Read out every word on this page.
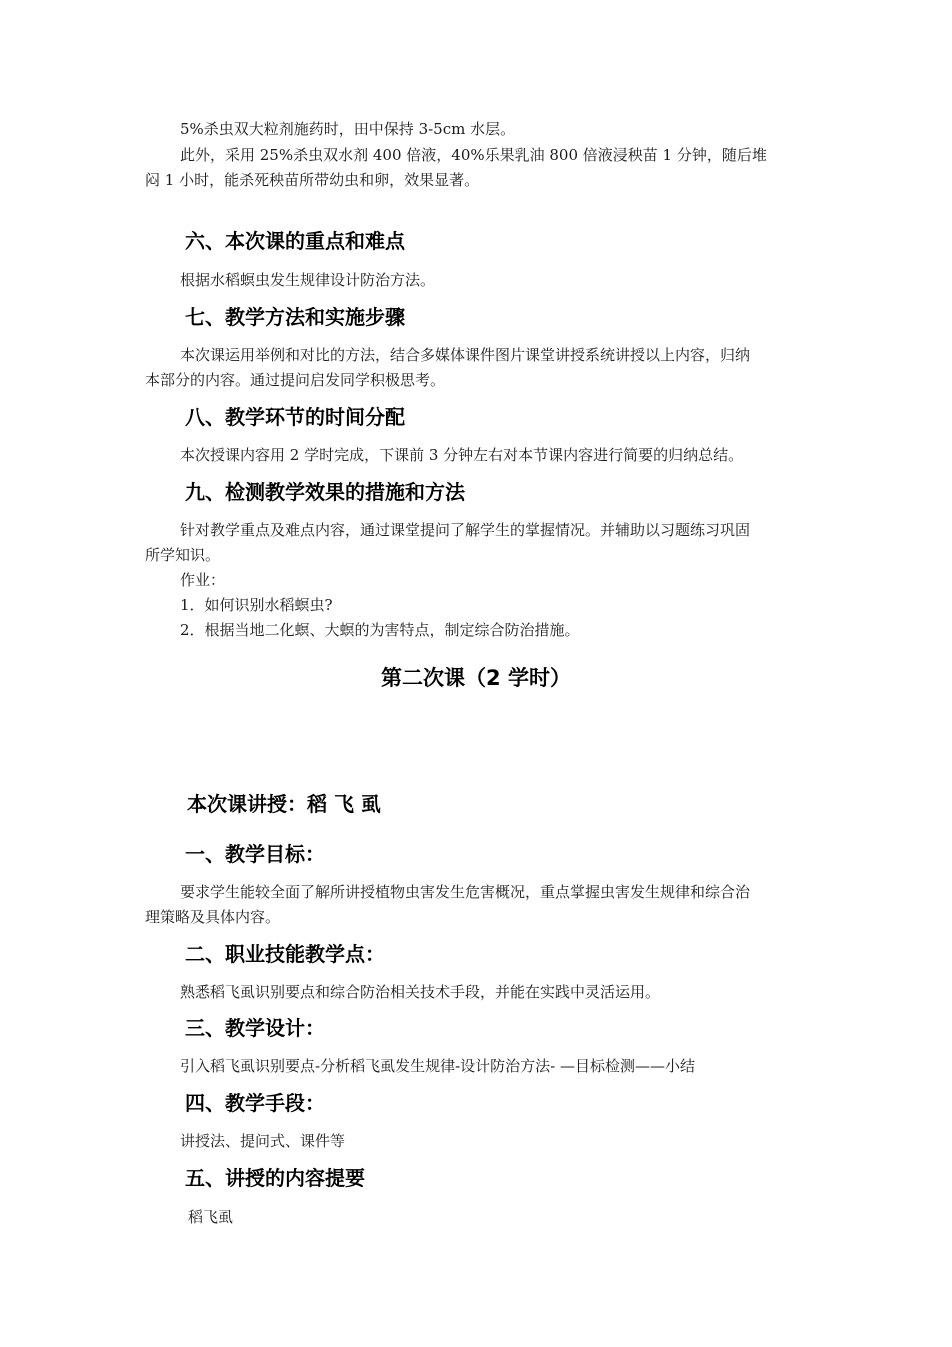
5%杀虫双大粒剂施药时，田中保持 3-5cm 水层。
此外，采用 25%杀虫双水剂 400 倍液，40%乐果乳油 800 倍液浸秧苗 1 分钟，随后堆
闷 1 小时，能杀死秧苗所带幼虫和卵，效果显著。
六、本次课的重点和难点
根据水稻螟虫发生规律设计防治方法。
七、教学方法和实施步骤
本次课运用举例和对比的方法，结合多媒体课件图片课堂讲授系统讲授以上内容，归纳
本部分的内容。通过提问启发同学积极思考。
八、教学环节的时间分配
本次授课内容用 2 学时完成，下课前 3 分钟左右对本节课内容进行简要的归纳总结。
九、检测教学效果的措施和方法
针对教学重点及难点内容，通过课堂提问了解学生的掌握情况。并辅助以习题练习巩固
所学知识。
作业：
1．如何识别水稻螟虫?
2．根据当地二化螟、大螟的为害特点，制定综合防治措施。
第二次课（2 学时）
本次课讲授：稻 飞 虱
一、教学目标：
要求学生能较全面了解所讲授植物虫害发生危害概况，重点掌握虫害发生规律和综合治
理策略及具体内容。
二、职业技能教学点：
熟悉稻飞虱识别要点和综合防治相关技术手段，并能在实践中灵活运用。
三、教学设计：
引入稻飞虱识别要点-分析稻飞虱发生规律-设计防治方法- —目标检测——小结
四、教学手段：
讲授法、提问式、课件等
五、讲授的内容提要
稻飞虱
